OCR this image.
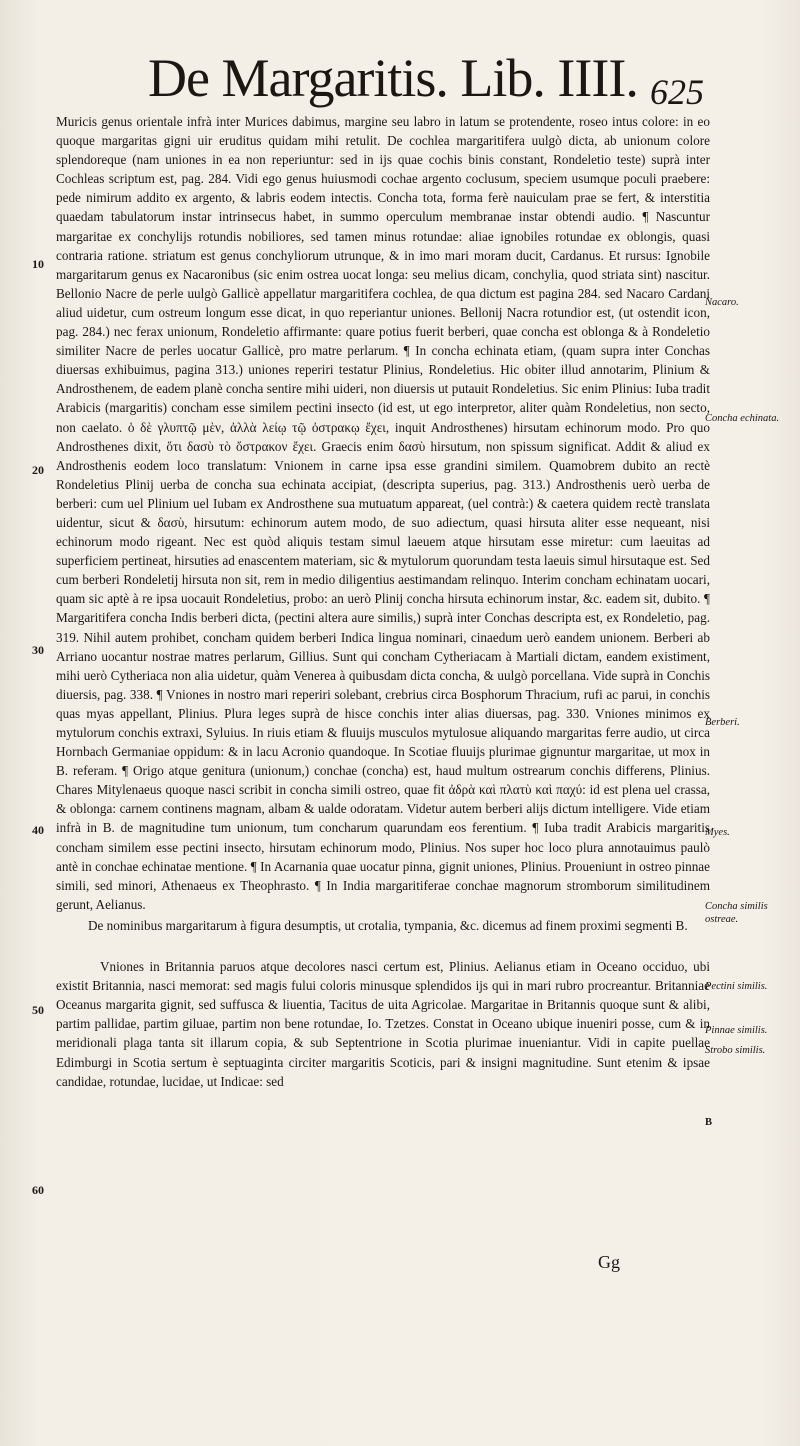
De Margaritis. Lib. IIII. 625

Muricis genus orientale infrà inter Murices dabimus, margine seu labro in latum se protendente, roseo intus colore: in eo quoque margaritas gigni uir eruditus quidam mihi retulit. De cochlea margaritifera uulgò dicta, ab unionum colore splendoreque (nam uniones in ea non reperiuntur: sed in ijs quae cochis binis constant, Rondeletio teste) suprà inter Cochleas scriptum est, pag. 284. Vidi ego genus huiusmodi cochae argento coclusum, speciem usumque poculi praebere: pede nimirum addito ex argento, & labris eodem intectis. Concha tota, forma ferè nauiculam prae se fert, & interstitia quaedam tabulatorum instar intrinsecus habet, in summo operculum membranae instar obtendi audio. ¶ Nascuntur margaritae ex conchylijs rotundis nobiliores, sed tamen minus rotundae: aliae ignobiles rotundae ex oblongis, quasi contraria ratione. striatum est genus conchyliorum utrunque, & in imo mari moram ducit, Cardanus. Et rursus: Ignobile margaritarum genus ex Nacaronibus (sic enim ostrea uocat longa: seu melius dicam, conchylia, quod striata sint) nascitur. Bellonio Nacre de perle uulgò Gallicè appellatur margaritifera cochlea, de qua dictum est pagina 284. sed Nacaro Cardani aliud uidetur, cum ostreum longum esse dicat, in quo reperiantur uniones. Bellonij Nacra rotundior est, (ut ostendit icon, pag. 284.) nec ferax unionum, Rondeletio affirmante: quare potius fuerit berberi, quae concha est oblonga & à Rondeletio similiter Nacre de perles uocatur Gallicè, pro matre perlarum. ¶ In concha echinata etiam, (quam supra inter Conchas diuersas exhibuimus, pagina 313.) uniones reperiri testatur Plinius, Rondeletius. Hic obiter illud annotarim, Plinium & Androsthenem, de eadem planè concha sentire mihi uideri, non diuersis ut putauit Rondeletius. Sic enim Plinius: Iuba tradit Arabicis (margaritis) concham esse similem pectini insecto (id est, ut ego interpretor, aliter quàm Rondeletius, non secto, non caelato. ὁ δὲ γλυπτῷ μὲν, ἀλλὰ λείῳ τῷ ὀστρακῳ ἔχει, inquit Androsthenes) hirsutam echinorum modo. Pro quo Androsthenes dixit, ὅτι δασὺ τὸ ὄστρακον ἔχει. Graecis enim δασὺ hirsutum, non spissum significat. Addit & aliud ex Androsthenis eodem loco translatum: Vnionem in carne ipsa esse grandini similem. Quamobrem dubito an rectè Rondeletius Plinij uerba de concha sua echinata accipiat, (descripta superius, pag. 313.) Androsthenis uerò uerba de berberi: cum uel Plinium uel Iubam ex Androsthene sua mutuatum appareat, (uel contrà:) & caetera quidem rectè translata uidentur, sicut & δασὺ, hirsutum: echinorum autem modo, de suo adiectum, quasi hirsuta aliter esse nequeant, nisi echinorum modo rigeant. Nec est quòd aliquis testam simul laeuem atque hirsutam esse miretur: cum laeuitas ad superficiem pertineat, hirsuties ad enascentem materiam, sic & mytulorum quorundam testa laeuis simul hirsutaque est. Sed cum berberi Rondeletij hirsuta non sit, rem in medio diligentius aestimandam relinquo. Interim concham echinatam uocari, quam sic aptè à re ipsa uocauit Rondeletius, probo: an uerò Plinij concha hirsuta echinorum instar, &c. eadem sit, dubito. ¶ Margaritifera concha Indis berberi dicta, (pectini altera aure similis,) suprà inter Conchas descripta est, ex Rondeletio, pag. 319. Nihil autem prohibet, concham quidem berberi Indica lingua nominari, cinaedum uerò eandem unionem. Berberi ab Arriano uocantur nostrae matres perlarum, Gillius. Sunt qui concham Cytheriacam à Martiali dictam, eandem existiment, mihi uerò Cytheriaca non alia uidetur, quàm Venerea à quibusdam dicta concha, & uulgò porcellana. Vide suprà in Conchis diuersis, pag. 338. ¶ Vniones in nostro mari reperiri solebant, crebrius circa Bosphorum Thracium, rufi ac parui, in conchis quas myas appellant, Plinius. Plura leges suprà de hisce conchis inter alias diuersas, pag. 330. Vniones minimos ex mytulorum conchis extraxi, Syluius. In riuis etiam & fluuijs musculos mytulosue aliquando margaritas ferre audio, ut circa Hornbach Germaniae oppidum: & in lacu Acronio quandoque. In Scotiae fluuijs plurimae gignuntur margaritae, ut mox in B. referam. ¶ Origo atque genitura (unionum,) conchae (concha) est, haud multum ostrearum conchis differens, Plinius. Chares Mitylenaeus quoque nasci scribit in concha simili ostreo, quae fit ἀδρὰ καὶ πλατὺ καὶ παχύ: id est plena uel crassa, & oblonga: carnem continens magnam, albam & ualde odoratam. Videtur autem berberi alijs dictum intelligere. Vide etiam infrà in B. de magnitudine tum unionum, tum concharum quarundam eos ferentium. ¶ Iuba tradit Arabicis margaritis concham similem esse pectini insecto, hirsutam echinorum modo, Plinius. Nos super hoc loco plura annotauimus paulò antè in conchae echinatae mentione. ¶ In Acarnania quae uocatur pinna, gignit uniones, Plinius. Proueniunt in ostreo pinnae simili, sed minori, Athenaeus ex Theophrasto. ¶ In India margaritiferae conchae magnorum stromborum similitudinem gerunt, Aelianus.

De nominibus margaritarum à figura desumptis, ut crotalia, tympania, &c. dicemus ad finem proximi segmenti B.

Vniones in Britannia paruos atque decolores nasci certum est, Plinius. Aelianus etiam in Oceano occiduo, ubi existit Britannia, nasci memorat: sed magis fului coloris minusque splendidos ijs qui in mari rubro procreantur. Britanniae Oceanus margarita gignit, sed suffusca & liuentia, Tacitus de uita Agricolae. Margaritae in Britannis quoque sunt & alibi, partim pallidae, partim giluae, partim non bene rotundae, Io. Tzetzes. Constat in Oceano ubique inueniri posse, cum & in meridionali plaga tanta sit illarum copia, & sub Septentrione in Scotia plurimae inueniantur. Vidi in capite puellae Edimburgi in Scotia sertum è septuaginta circiter margaritis Scoticis, pari & insigni magnitudine. Sunt etenim & ipsae candidae, rotundae, lucidae, ut Indicae: sed

10
20
30
40
50
60
Nacaro.
Concha echinata.
Berberi.
Myes.
Concha similis ostreae.
Pectini similis.
Pinnae similis.
Strobo similis.
B
Gg
